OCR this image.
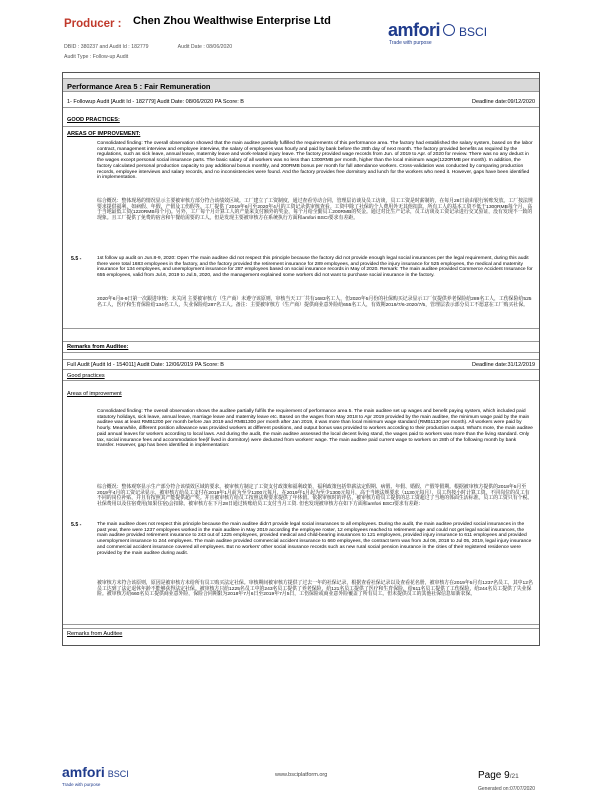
Producer : Chen Zhou Wealthwise Enterprise Ltd
DBID : 380237 and Audit Id : 182779	Audit Date : 08/06/2020
Audit Type : Follow-up Audit
amfori BSCI
Trade with purpose
Performance Area 5 : Fair Remuneration
1- Followup Audit [Audit Id - 182779] Audit Date: 08/06/2020 PA Score: B	Deadline date:09/12/2020
GOOD PRACTICES:
AREAS OF IMPROVEMENT:
Consolidated finding: The overall observation showed that the main auditee partially fulfilled the requirements of this performance area. The factory had established the salary system, based on the labor contract, management interview and employee interview, the salary of employees was hourly and paid by bank before the 28th day of next month. The factory provided benefits as required by the regulations, such as sick leave, annual leave, maternity leave and work-related injury leave. The factory provided wage records from Jun. of 2019 to Apr. of 2020 for review. There was no any deduct in the wages except personal social insurance parts. The basic salary of all workers was no less than 1300RMB per month, higher than the local minimum wage(1220RMB per month). In addition, the factory calculated personal production capacity to pay additional bonus monthly, and 200RMB bonus per month for full attendance workers. Cross-validation was conducted by comparing production records, employee interviews and salary records, and no inconsistencies were found. And the factory provides free dormitory and lunch for the workers who need it. However, gaps have been identified in implementation.
综合概况：整体现场的情况显示主要被审核方部分符合该绩效区域。工厂建立了工资制度，通过查看劳动合同，管理层访谈及员工访谈，员工工资是时薪制的，在每月28日前由银行转账发放。工厂按法规要求提供福利，如病假、年假、产假及工伤假等。工厂提供了2019年6月至2020年4月的工资记录供审核查看。工资中除了社保的个人费用外无其他扣款。所有工人的基本工资不低于1300RMB每个月，高于当地最低工资(1220RMB每个月)。另外，工厂每个月计算工人的产量来支付额外的奖金，每个月给全勤员工200RMB的奖金。通过对比生产记录，员工访谈及工资记录进行交叉验证，没有发现不一致的现象。且工厂提供了免费的宿舍和午餐给需要的工人。但是发现主要被审核方在系统执行方面和amfori BSCI要求有差距。
5.5 -	1st follow up audit on Jun.8-9, 2020: Open The main auditee did not respect this principle because the factory did not provide enough legal social insurances per the legal requirement, during this audit there were total 1683 employees in the factory, and the factory provided the retirement insurance for 289 employees, and provided the injury insurance for 525 employees, the medical and maternity insurance for 134 employees, and unemployment insurance for 287 employees based on social insurance records in May of 2020. Remark: The main auditee provided Commerce Accident Insurance for 655 employees, valid from Jul.6, 2019 to Jul.5, 2020, and the management explained some workers did not want to purchase social insurance in the factory.
2020年6月8-9日第一次跟进审核：未关闭 主要被审核方（生产商）未遵守该原则，审核当天工厂共有1683名工人，但2020年5月份的社保购买记录显示工厂仅提供养老保险给289名工人，工伤保险给525名工人，医疗和生育保险给134名工人，失业保险给287名工人。备注：主要被审核方（生产商）提供商业意外险给655名工人，有效期2019/7/6-2020/7/5，管理层表示部分员工不愿意在工厂购买社保。
Remarks from Auditee:
Full Audit [Audit Id - 154011] Audit Date: 12/06/2019 PA Score: B	Deadline date:31/12/2019
Good practices
Areas of improvement
Consolidated finding: The overall observation shows the auditee partially fulfils the requirement of performance area 5. The main auditee set up wages and benefit paying system, which included paid statutory holidays, sick leave, annual leave, marriage leave and maternity leave etc. Based on the wages from May 2018 to Apr 2019 provided by the main auditee, the minimum wage paid by the main auditee was at least RMB1200 per month before Jan 2019 and RMB1300 per month after Jan 2019, it was more than local minimum wage standard (RMB1130 per month). All workers were paid by hourly. Meanwhile, different position allowance was provided workers at different positions, and output bonus was provided to workers according to their production output. What's more, the main auditee paid annual leaves for workers according to local laws. And during the audit, the main auditee assessed the local decent living stand, the wages paid to workers was more than the living standard. Only tax, social insurance fees and accommodation fee(if lived in dormitory) were deducted from workers' wage. The main auditee paid current wage to workers on 28th of the following month by bank transfer. However, gap has been identified in implementation:
综合概况：整体观察显示生产部分符合该绩效区域的要求。被审核方制定了工资支付政策和福利政策，福利政策包括带薪法定假期、病假、年假、婚假、产假等假期。根据被审核方提供的2018年5月至2019年4月的工资记录显示，被审核方给员工支付在2019年1月前为至少1200元每月，在2019年1月起为至少1300元每月，高于当地法规要求（1130元每月），员工均按小时计算工资。不同岗位的员工有不同的岗位补贴，并且有按照其产能提供超产奖。并且被审核方给员工按照法规要求提供了年休假。依据审核时的评估，被审核方给员工提供的总工资超过了当地的体面生活标准。员工的工资只有个税、社保费用以及住宿费用(如果住宿)会扣除。被审核方在下月28日通过转账给员工支付当月工资. 但也发现被审核方在如下方面和amfori BSCI要求有差距：
5.5 -	The main auditee does not respect this principle because the main auditee didn't provide legal social insurances to all employees. During the audit, the main auditee provided social insurances in the past year, there were 1237 employees worked in the main auditee in May 2019 according the employee roster, 12 employees reached to retirement age and could not get legal social insurances, the main auditee provided retirement insurance to 243 out of 1225 employees, provided medical and child-bearing insurances to 121 employees, provided injury insurance to 611 employees and provided unemployment insurance to 244 employees. The main auditee provided commercial accident insurance to 660 employees, the contract term was from Jul 06, 2018 to Jul 05, 2019, legal injury insurance and commercial accident insurance covered all employees. But no workers' other social insurance records such as new rural social pension insurance in the cities of their registered residence were provided by the main auditee during audit.
被审核方未符合该原则，原因是被审核方未给所有员工购买法定社保。审核期间被审核方提供了过去一年的社保记录，根据查看社保记录以及查看花名册，被审核方在2019年5月有1237名员工，其中12名员工达到了法定退休年龄不能够获得法定社保。被审核方只给1225名员工中的243名员工提供了养老保险，给121名员工提供了医疗和生育保险，给611名员工提供了工伤保险，给244名员工提供了失业保险。被审核方给660名员工提供商业意外险，保险合同期限为2018年7月6日至2019年7月5日，工伤保险或商业意外险覆盖了所有员工。但未提供员工的其他社保信息如新农保。
Remarks from Auditee
amfori BSCI
Trade with purpose
www.bsciplatform.org	Page 9/21
Generated on:07/07/2020
